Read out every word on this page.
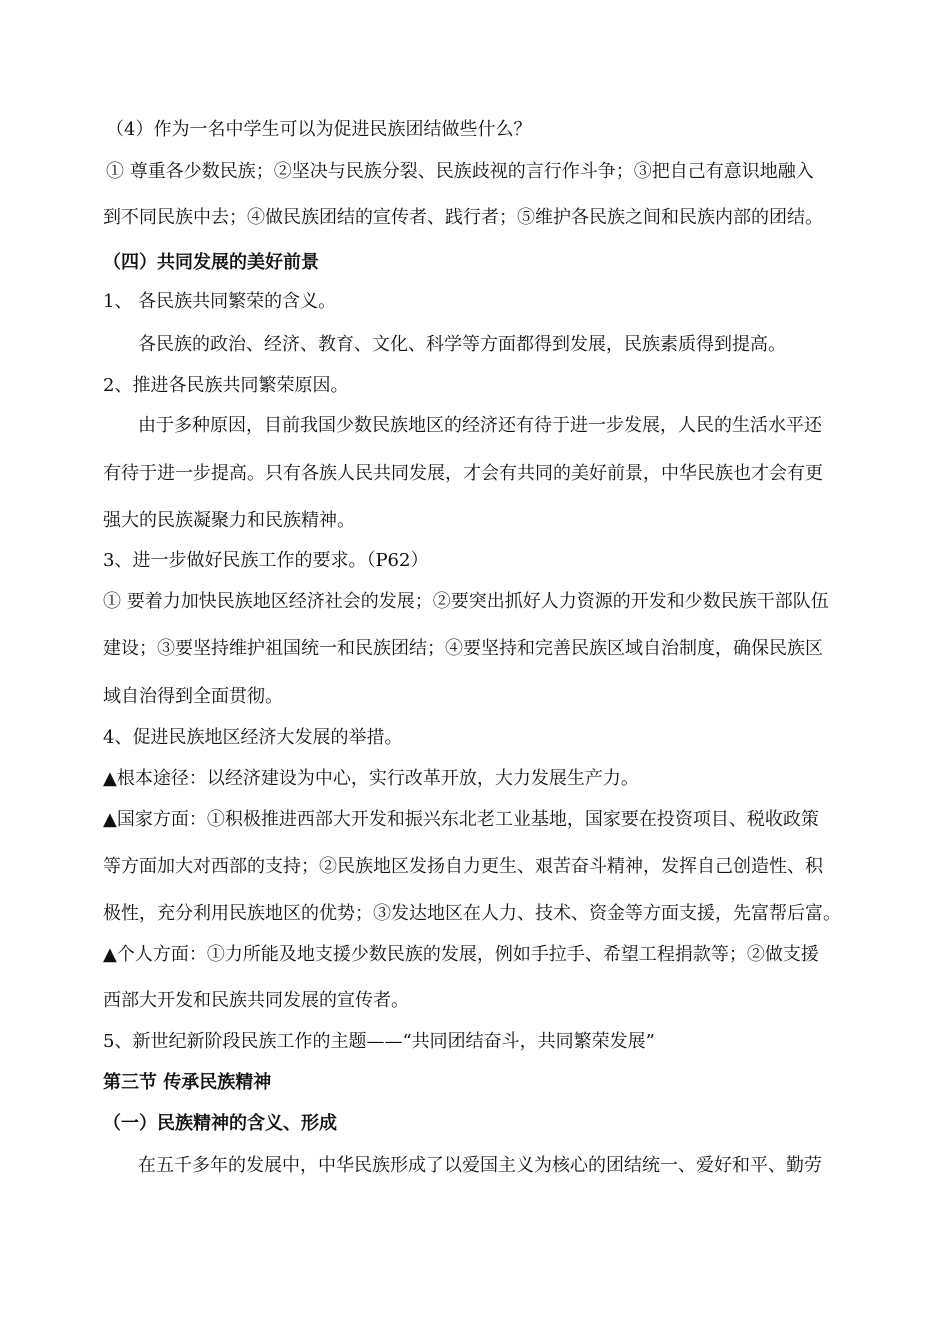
（4）作为一名中学生可以为促进民族团结做些什么？
① 尊重各少数民族；②坚决与民族分裂、民族歧视的言行作斗争；③把自己有意识地融入
到不同民族中去；④做民族团结的宣传者、践行者；⑤维护各民族之间和民族内部的团结。
（四）共同发展的美好前景
1、 各民族共同繁荣的含义。
各民族的政治、经济、教育、文化、科学等方面都得到发展，民族素质得到提高。
2、推进各民族共同繁荣原因。
由于多种原因，目前我国少数民族地区的经济还有待于进一步发展，人民的生活水平还
有待于进一步提高。只有各族人民共同发展，才会有共同的美好前景，中华民族也才会有更
强大的民族凝聚力和民族精神。
3、进一步做好民族工作的要求。（P62）
① 要着力加快民族地区经济社会的发展；②要突出抓好人力资源的开发和少数民族干部队伍
建设；③要坚持维护祖国统一和民族团结；④要坚持和完善民族区域自治制度，确保民族区
域自治得到全面贯彻。
4、促进民族地区经济大发展的举措。
▲根本途径：以经济建设为中心，实行改革开放，大力发展生产力。
▲国家方面：①积极推进西部大开发和振兴东北老工业基地，国家要在投资项目、税收政策
等方面加大对西部的支持；②民族地区发扬自力更生、艰苦奋斗精神，发挥自己创造性、积
极性，充分利用民族地区的优势；③发达地区在人力、技术、资金等方面支援，先富帮后富。
▲个人方面：①力所能及地支援少数民族的发展，例如手拉手、希望工程捐款等；②做支援
西部大开发和民族共同发展的宣传者。
5、新世纪新阶段民族工作的主题——“共同团结奋斗，共同繁荣发展”
第三节 传承民族精神
（一）民族精神的含义、形成
在五千多年的发展中，中华民族形成了以爱国主义为核心的团结统一、爱好和平、勤劳
